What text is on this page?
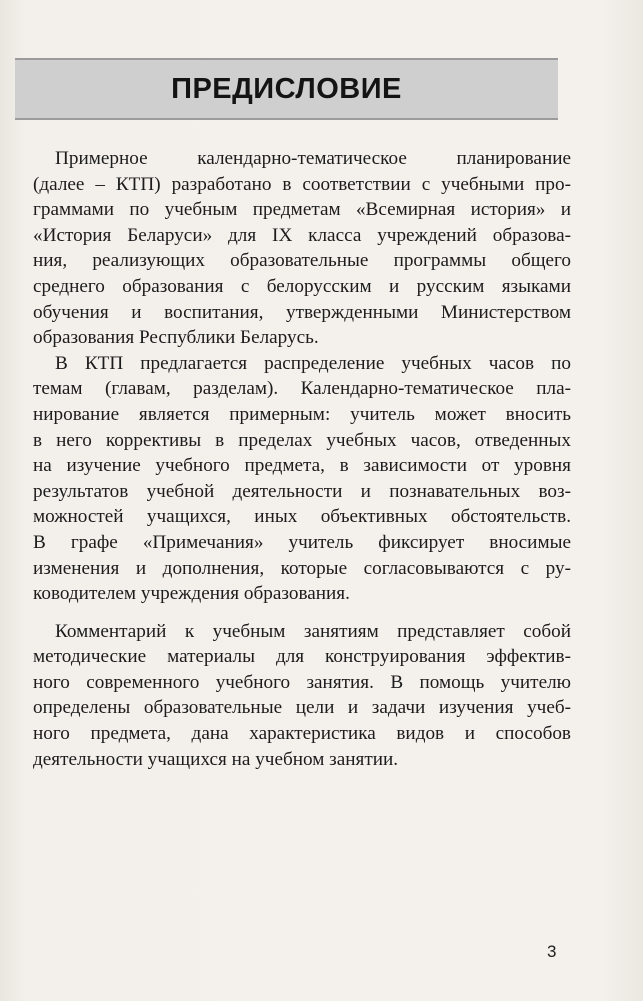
ПРЕДИСЛОВИЕ
Примерное календарно-тематическое планирование
(далее – КТП) разработано в соответствии с учебными про-
граммами по учебным предметам «Всемирная история» и
«История Беларуси» для IX класса учреждений образова-
ния, реализующих образовательные программы общего
среднего образования с белорусским и русским языками
обучения и воспитания, утвержденными Министерством
образования Республики Беларусь.
В КТП предлагается распределение учебных часов по
темам (главам, разделам). Календарно-тематическое пла-
нирование является примерным: учитель может вносить
в него коррективы в пределах учебных часов, отведенных
на изучение учебного предмета, в зависимости от уровня
результатов учебной деятельности и познавательных воз-
можностей учащихся, иных объективных обстоятельств.
В графе «Примечания» учитель фиксирует вносимые
изменения и дополнения, которые согласовываются с ру-
ководителем учреждения образования.
Комментарий к учебным занятиям представляет собой
методические материалы для конструирования эффектив-
ного современного учебного занятия. В помощь учителю
определены образовательные цели и задачи изучения учеб-
ного предмета, дана характеристика видов и способов
деятельности учащихся на учебном занятии.
3
